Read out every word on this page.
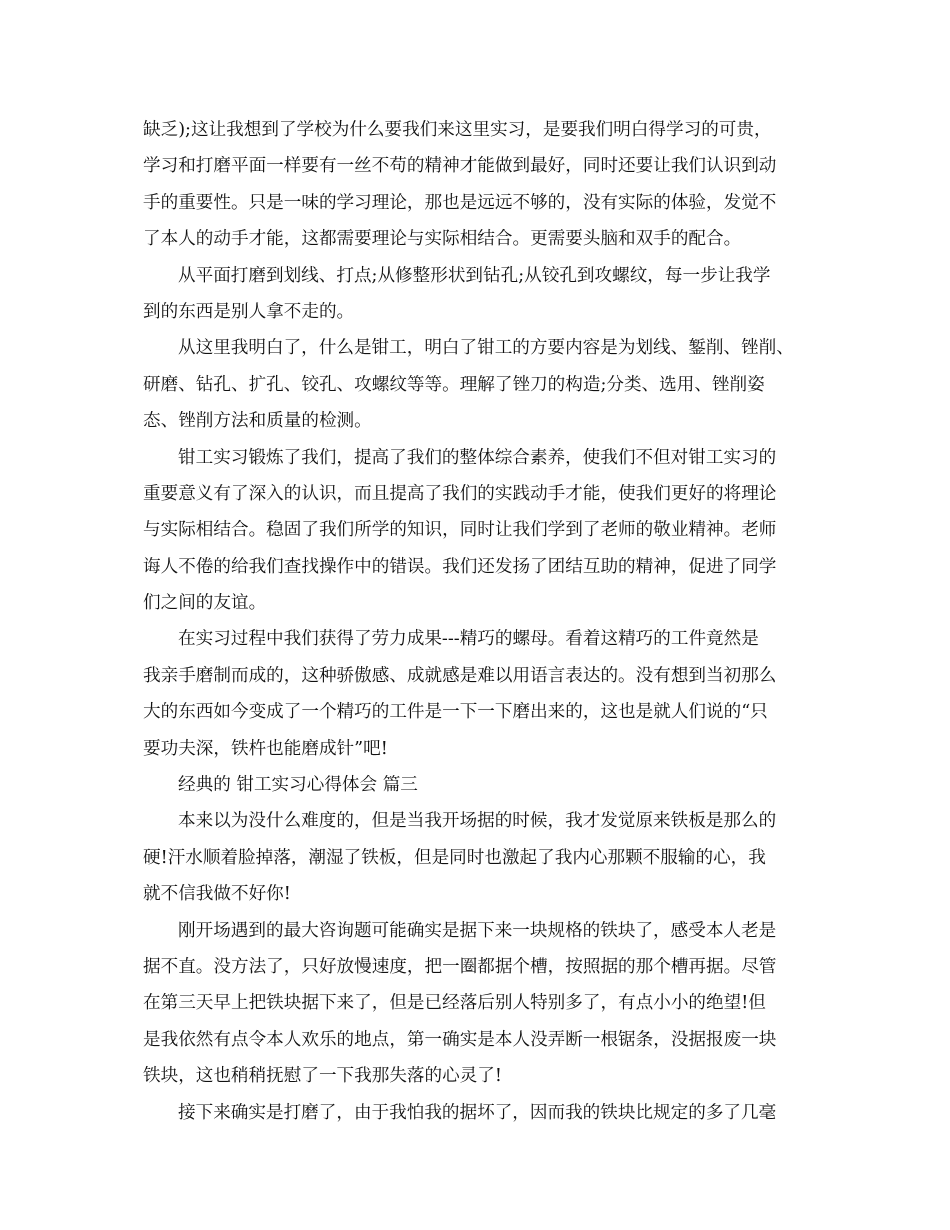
缺乏);这让我想到了学校为什么要我们来这里实习，是要我们明白得学习的可贵，
学习和打磨平面一样要有一丝不苟的精神才能做到最好，同时还要让我们认识到动
手的重要性。只是一味的学习理论，那也是远远不够的，没有实际的体验，发觉不
了本人的动手才能，这都需要理论与实际相结合。更需要头脑和双手的配合。
从平面打磨到划线、打点;从修整形状到钻孔;从铰孔到攻螺纹，每一步让我学
到的东西是别人拿不走的。
从这里我明白了，什么是钳工，明白了钳工的方要内容是为划线、錾削、锉削、
研磨、钻孔、扩孔、铰孔、攻螺纹等等。理解了锉刀的构造;分类、选用、锉削姿
态、锉削方法和质量的检测。
钳工实习锻炼了我们，提高了我们的整体综合素养，使我们不但对钳工实习的
重要意义有了深入的认识，而且提高了我们的实践动手才能，使我们更好的将理论
与实际相结合。稳固了我们所学的知识，同时让我们学到了老师的敬业精神。老师
诲人不倦的给我们查找操作中的错误。我们还发扬了团结互助的精神，促进了同学
们之间的友谊。
在实习过程中我们获得了劳力成果---精巧的螺母。看着这精巧的工件竟然是
我亲手磨制而成的，这种骄傲感、成就感是难以用语言表达的。没有想到当初那么
大的东西如今变成了一个精巧的工件是一下一下磨出来的，这也是就人们说的“只
要功夫深，铁杵也能磨成针”吧!
经典的 钳工实习心得体会 篇三
本来以为没什么难度的，但是当我开场据的时候，我才发觉原来铁板是那么的
硬!汗水顺着脸掉落，潮湿了铁板，但是同时也激起了我内心那颗不服输的心，我
就不信我做不好你!
刚开场遇到的最大咨询题可能确实是据下来一块规格的铁块了，感受本人老是
据不直。没方法了，只好放慢速度，把一圈都据个槽，按照据的那个槽再据。尽管
在第三天早上把铁块据下来了，但是已经落后别人特别多了，有点小小的绝望!但
是我依然有点令本人欢乐的地点，第一确实是本人没弄断一根锯条，没据报废一块
铁块，这也稍稍抚慰了一下我那失落的心灵了!
接下来确实是打磨了，由于我怕我的据坏了，因而我的铁块比规定的多了几毫
